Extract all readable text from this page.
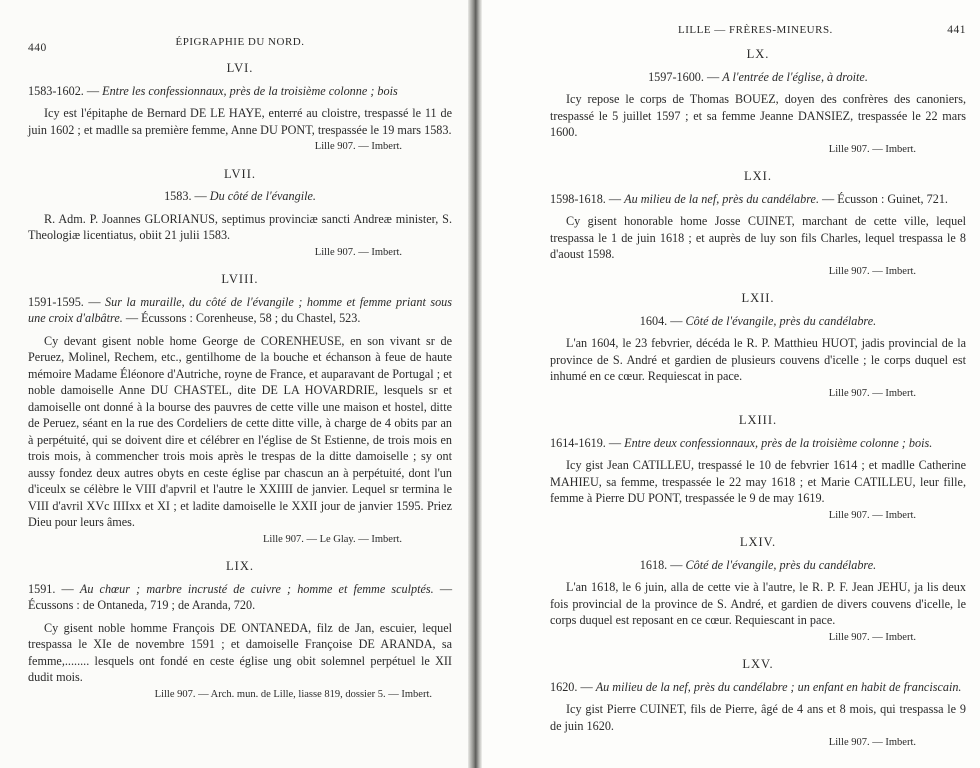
440	ÉPIGRAPHIE DU NORD.
LVI.

1583-1602. — Entre les confessionnaux, près de la troisième colonne ; bois

Icy est l'épitaphe de Bernard DE LE HAYE, enterré au cloistre, trespassé le 11 de juin 1602 ; et madlle sa première femme, Anne DU PONT, trespassée le 19 mars 1583.

Lille 907. — Imbert.
LVII.

1583. — Du côté de l'évangile.

R. Adm. P. Joannes GLORIANUS, septimus provinciæ sancti Andreæ minister, S. Theologiæ licentiatus, obiit 21 julii 1583.

Lille 907. — Imbert.
LVIII.

1591-1595. — Sur la muraille, du côté de l'évangile ; homme et femme priant sous une croix d'albâtre. — Écussons : Corenheuse, 58 ; du Chastel, 523.

Cy devant gisent noble home George de CORENHEUSE, en son vivant sr de Peruez, Molinel, Rechem, etc., gentilhome de la bouche et échanson à feue de haute mémoire Madame Éléonore d'Autriche, royne de France, et auparavant de Portugal ; et noble damoiselle Anne DU CHASTEL, dite DE LA HOVARDRIE, lesquels sr et damoiselle ont donné à la bourse des pauvres de cette ville une maison et hostel, ditte de Peruez, séant en la rue des Cordeliers de cette ditte ville, à charge de 4 obits par an à perpétuité, qui se doivent dire et célébrer en l'église de St Estienne, de trois mois en trois mois, à commencher trois mois après le trespas de la ditte damoiselle ; sy ont aussy fondez deux autres obyts en ceste église par chascun an à perpétuité, dont l'un d'iceulx se célèbre le VIII d'apvril et l'autre le XXIIII de janvier. Lequel sr termina le VIII d'avril XVc IIIIxx et XI ; et ladite damoiselle le XXII jour de janvier 1595. Priez Dieu pour leurs âmes.

Lille 907. — Le Glay. — Imbert.
LIX.

1591. — Au chœur ; marbre incrusté de cuivre ; homme et femme sculptés. — Écussons : de Ontaneda, 719 ; de Aranda, 720.

Cy gisent noble homme François DE ONTANEDA, filz de Jan, escuier, lequel trespassa le XIe de novembre 1591 ; et damoiselle Françoise DE ARANDA, sa femme,........ lesquels ont fondé en ceste église ung obit solemnel perpétuel le XII dudit mois.

Lille 907. — Arch. mun. de Lille, liasse 819, dossier 5. — Imbert.
LILLE — FRÈRES-MINEURS.	441
LX.

1597-1600. — A l'entrée de l'église, à droite.

Icy repose le corps de Thomas BOUEZ, doyen des confrères des canoniers, trespassé le 5 juillet 1597 ; et sa femme Jeanne DANSIEZ, trespassée le 22 mars 1600.

Lille 907. — Imbert.
LXI.

1598-1618. — Au milieu de la nef, près du candélabre. — Écusson : Guinet, 721.

Cy gisent honorable home Josse CUINET, marchant de cette ville, lequel trespassa le 1 de juin 1618 ; et auprès de luy son fils Charles, lequel trespassa le 8 d'aoust 1598.

Lille 907. — Imbert.
LXII.

1604. — Côté de l'évangile, près du candélabre.

L'an 1604, le 23 febvrier, décéda le R. P. Matthieu HUOT, jadis provincial de la province de S. André et gardien de plusieurs couvens d'icelle ; le corps duquel est inhumé en ce cœur. Requiescat in pace.

Lille 907. — Imbert.
LXIII.

1614-1619. — Entre deux confessionnaux, près de la troisième colonne ; bois.

Icy gist Jean CATILLEU, trespassé le 10 de febvrier 1614 ; et madlle Catherine MAHIEU, sa femme, trespassée le 22 may 1618 ; et Marie CATILLEU, leur fille, femme à Pierre DU PONT, trespassée le 9 de may 1619.

Lille 907. — Imbert.
LXIV.

1618. — Côté de l'évangile, près du candélabre.

L'an 1618, le 6 juin, alla de cette vie à l'autre, le R. P. F. Jean JEHU, ja lis deux fois provincial de la province de S. André, et gardien de divers couvens d'icelle, le corps duquel est reposant en ce cœur. Requiescant in pace.

Lille 907. — Imbert.
LXV.

1620. — Au milieu de la nef, près du candélabre ; un enfant en habit de franciscain.

Icy gist Pierre CUINET, fils de Pierre, âgé de 4 ans et 8 mois, qui trespassa le 9 de juin 1620.

Lille 907. — Imbert.
